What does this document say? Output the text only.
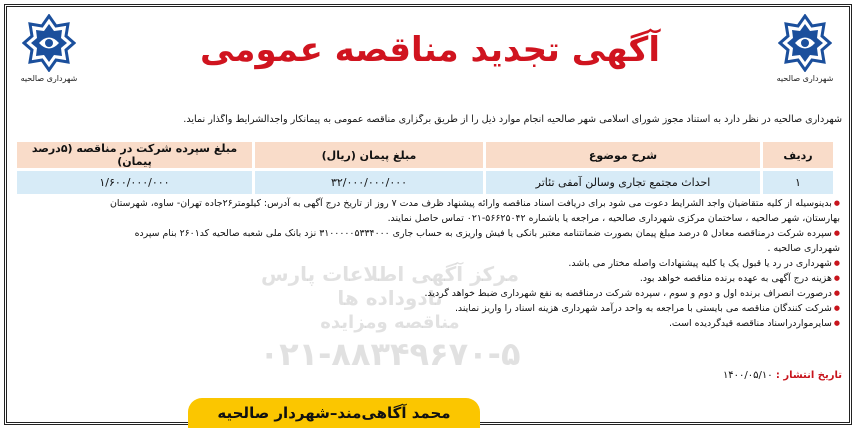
شهرداری صالحیه
شهرداری صالحیه
آگهی تجدید مناقصه عمومی
شهرداری صالحیه در نظر دارد به استناد مجوز شورای اسلامی شهر صالحیه انجام موارد ذیل را از طریق برگزاری مناقصه عمومی به پیمانکار واجدالشرایط واگذار نماید.
ردیف	شرح موضوع	مبلغ پیمان (ریال)	مبلغ سپرده شرکت در مناقصه (۵درصد پیمان)
۱	احداث مجتمع تجاری وسالن آمفی تئاتر	۳۲/۰۰۰/۰۰۰/۰۰۰	۱/۶۰۰/۰۰۰/۰۰۰
مرکز آگهی اطلاعات پارس نادوداده ها
مناقصه ومزایده
۰۲۱-۸۸۳۴۹۶۷۰-۵

● بدینوسیله از کلیه متقاضیان واجد الشرایط دعوت می شود برای دریافت اسناد مناقصه وارائه پیشنهاد ظرف مدت ۷ روز از تاریخ درج آگهی به آدرس: کیلومتر۲۶جاده تهران- ساوه، شهرستان

بهارستان، شهر صالحیه ، ساختمان مرکزی شهرداری صالحیه ، مراجعه یا باشماره ۵۶۶۲۵۰۴۲-۰۲۱ تماس حاصل نمایند.

● سپرده شرکت درمناقصه معادل ۵ درصد مبلغ پیمان بصورت ضمانتنامه معتبر بانکی یا فیش واریزی به حساب جاری ۳۱۰۰۰۰۰۵۳۳۴۰۰۰ نزد بانک ملی شعبه صالحیه کد۲۶۰۱ بنام سپرده

شهرداری صالحیه .

● شهرداری در رد یا قبول یک یا کلیه پیشنهادات واصله مختار می باشد.

● هزینه درج آگهی به عهده برنده مناقصه خواهد بود.

● درصورت انصراف برنده اول و دوم و سوم ، سپرده شرکت درمناقصه به نفع شهرداری ضبط خواهد گردید.

● شرکت کنندگان مناقصه می بایستی با مراجعه به واحد درآمد شهرداری هزینه اسناد را واریز نمایند.

● سایرمواردراسناد مناقصه قیدگردیده است.

تاریخ انتشار : ۱۴۰۰/۰۵/۱۰
محمد آگاهی‌مند–شهردار صالحیه
